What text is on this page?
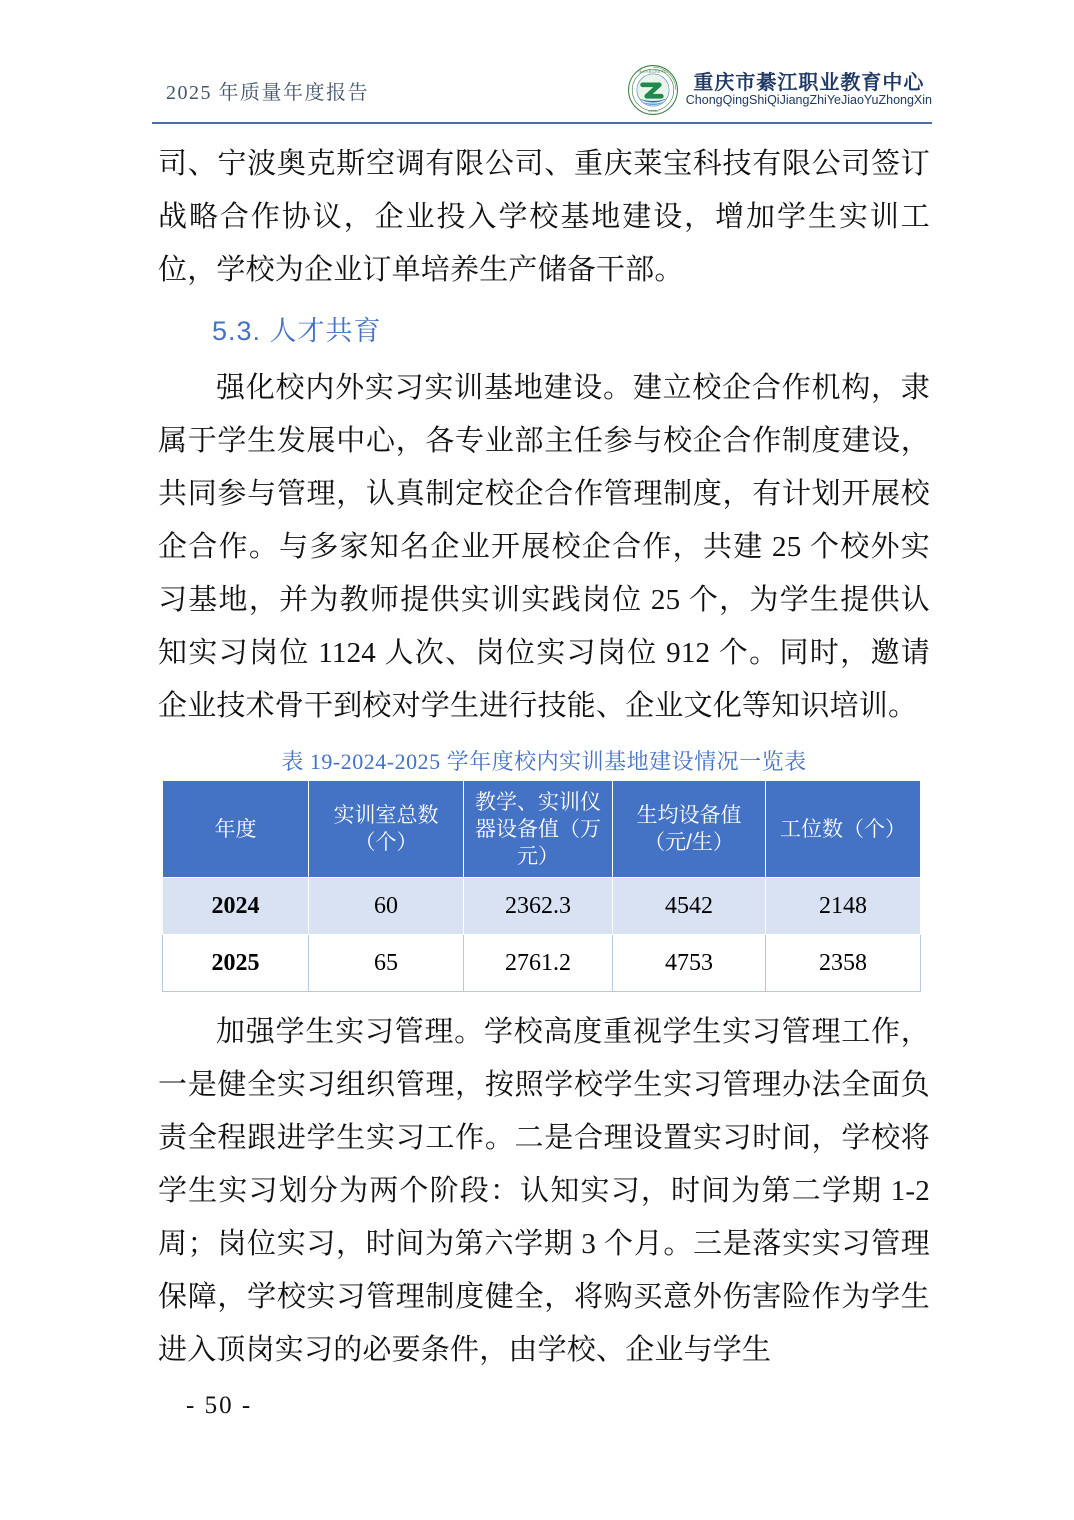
2025 年质量年度报告
重庆市綦江职教中心
QIJIANG
重庆市綦江职业教育中心
ChongQingShiQiJiangZhiYeJiaoYuZhongXin

司、宁波奥克斯空调有限公司、重庆莱宝科技有限公司签订战略合作协议，企业投入学校基地建设，增加学生实训工位，学校为企业订单培养生产储备干部。

5.3. 人才共育

强化校内外实习实训基地建设。建立校企合作机构，隶属于学生发展中心，各专业部主任参与校企合作制度建设，共同参与管理，认真制定校企合作管理制度，有计划开展校企合作。与多家知名企业开展校企合作，共建 25 个校外实习基地，并为教师提供实训实践岗位 25 个，为学生提供认知实习岗位 1124 人次、岗位实习岗位 912 个。同时，邀请企业技术骨干到校对学生进行技能、企业文化等知识培训。

表 19-2024-2025 学年度校内实训基地建设情况一览表
年度	实训室总数（个）	教学、实训仪器设备值（万元）	生均设备值（元/生）	工位数（个）
2024	60	2362.3	4542	2148
2025	65	2761.2	4753	2358

加强学生实习管理。学校高度重视学生实习管理工作，一是健全实习组织管理，按照学校学生实习管理办法全面负责全程跟进学生实习工作。二是合理设置实习时间，学校将学生实习划分为两个阶段：认知实习，时间为第二学期 1-2 周；岗位实习，时间为第六学期 3 个月。三是落实实习管理保障，学校实习管理制度健全，将购买意外伤害险作为学生进入顶岗实习的必要条件，由学校、企业与学生

- 50 -
